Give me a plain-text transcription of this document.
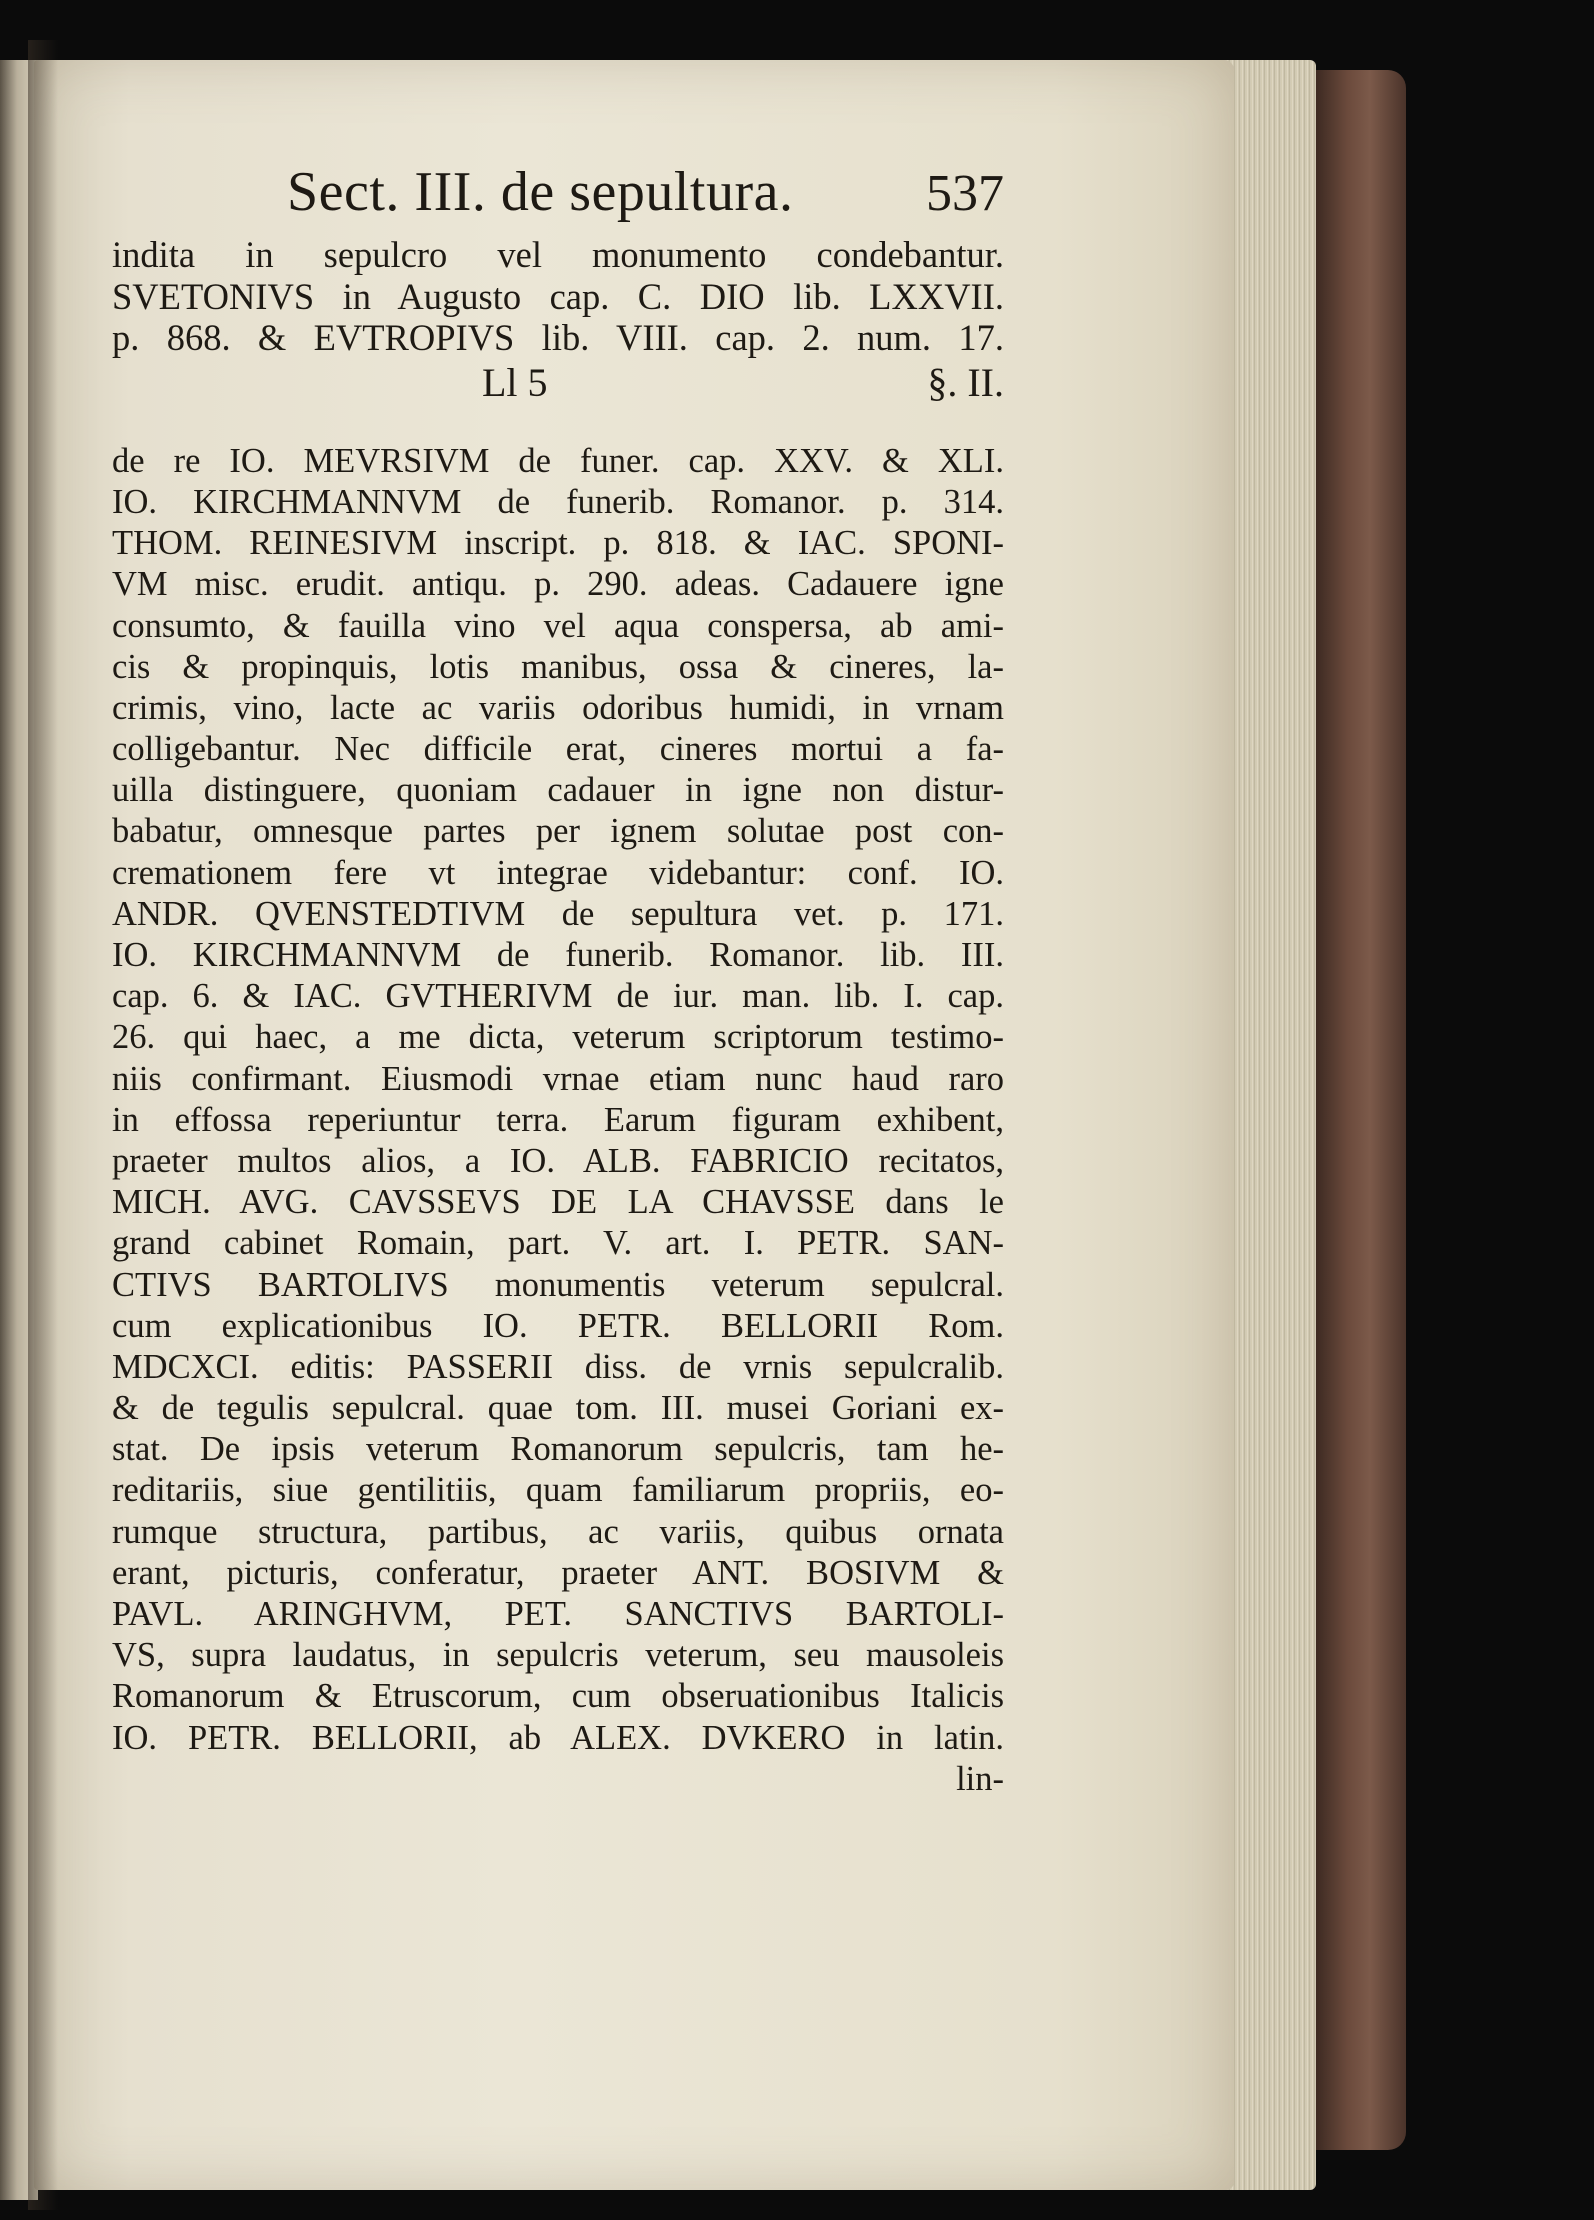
Sect. III. de sepultura.	537
indita in sepulcro vel monumento condebantur.
SVETONIVS in Augusto cap. C. DIO lib. LXXVII.
p. 868. & EVTROPIVS lib. VIII. cap. 2. num. 17.
Ll 5	§. II.
de re IO. MEVRSIVM de funer. cap. XXV. & XLI.
IO. KIRCHMANNVM de funerib. Romanor. p. 314.
THOM. REINESIVM inscript. p. 818. & IAC. SPONI-
VM misc. erudit. antiqu. p. 290. adeas. Cadauere igne
consumto, & fauilla vino vel aqua conspersa, ab ami-
cis & propinquis, lotis manibus, ossa & cineres, la-
crimis, vino, lacte ac variis odoribus humidi, in vrnam
colligebantur. Nec difficile erat, cineres mortui a fa-
uilla distinguere, quoniam cadauer in igne non distur-
babatur, omnesque partes per ignem solutae post con-
cremationem fere vt integrae videbantur: conf. IO.
ANDR. QVENSTEDTIVM de sepultura vet. p. 171.
IO. KIRCHMANNVM de funerib. Romanor. lib. III.
cap. 6. & IAC. GVTHERIVM de iur. man. lib. I. cap.
26. qui haec, a me dicta, veterum scriptorum testimo-
niis confirmant. Eiusmodi vrnae etiam nunc haud raro
in effossa reperiuntur terra. Earum figuram exhibent,
praeter multos alios, a IO. ALB. FABRICIO recitatos,
MICH. AVG. CAVSSEVS DE LA CHAVSSE dans le
grand cabinet Romain, part. V. art. I. PETR. SAN-
CTIVS BARTOLIVS monumentis veterum sepulcral.
cum explicationibus IO. PETR. BELLORII Rom.
MDCXCI. editis: PASSERII diss. de vrnis sepulcralib.
& de tegulis sepulcral. quae tom. III. musei Goriani ex-
stat. De ipsis veterum Romanorum sepulcris, tam he-
reditariis, siue gentilitiis, quam familiarum propriis, eo-
rumque structura, partibus, ac variis, quibus ornata
erant, picturis, conferatur, praeter ANT. BOSIVM &
PAVL. ARINGHVM, PET. SANCTIVS BARTOLI-
VS, supra laudatus, in sepulcris veterum, seu mausoleis
Romanorum & Etruscorum, cum obseruationibus Italicis
IO. PETR. BELLORII, ab ALEX. DVKERO in latin.
lin-
